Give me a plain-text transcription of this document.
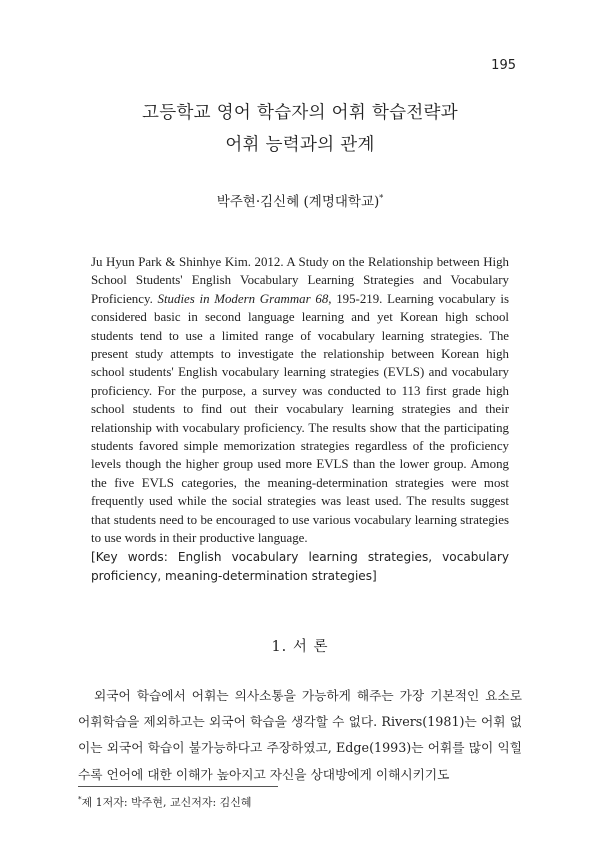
195
고등학교 영어 학습자의 어휘 학습전략과
어휘 능력과의 관계
박주현·김신혜 (계명대학교)*
Ju Hyun Park & Shinhye Kim. 2012. A Study on the Relationship between High School Students' English Vocabulary Learning Strategies and Vocabulary Proficiency. Studies in Modern Grammar 68, 195-219. Learning vocabulary is considered basic in second language learning and yet Korean high school students tend to use a limited range of vocabulary learning strategies. The present study attempts to investigate the relationship between Korean high school students' English vocabulary learning strategies (EVLS) and vocabulary proficiency. For the purpose, a survey was conducted to 113 first grade high school students to find out their vocabulary learning strategies and their relationship with vocabulary proficiency. The results show that the participating students favored simple memorization strategies regardless of the proficiency levels though the higher group used more EVLS than the lower group. Among the five EVLS categories, the meaning-determination strategies were most frequently used while the social strategies was least used. The results suggest that students need to be encouraged to use various vocabulary learning strategies to use words in their productive language.
[Key words: English vocabulary learning strategies, vocabulary proficiency, meaning-determination strategies]
1. 서 론
외국어 학습에서 어휘는 의사소통을 가능하게 해주는 가장 기본적인 요소로 어휘학습을 제외하고는 외국어 학습을 생각할 수 없다. Rivers(1981)는 어휘 없이는 외국어 학습이 불가능하다고 주장하였고, Edge(1993)는 어휘를 많이 익힐수록 언어에 대한 이해가 높아지고 자신을 상대방에게 이해시키기도
*제 1저자: 박주현, 교신저자: 김신혜
